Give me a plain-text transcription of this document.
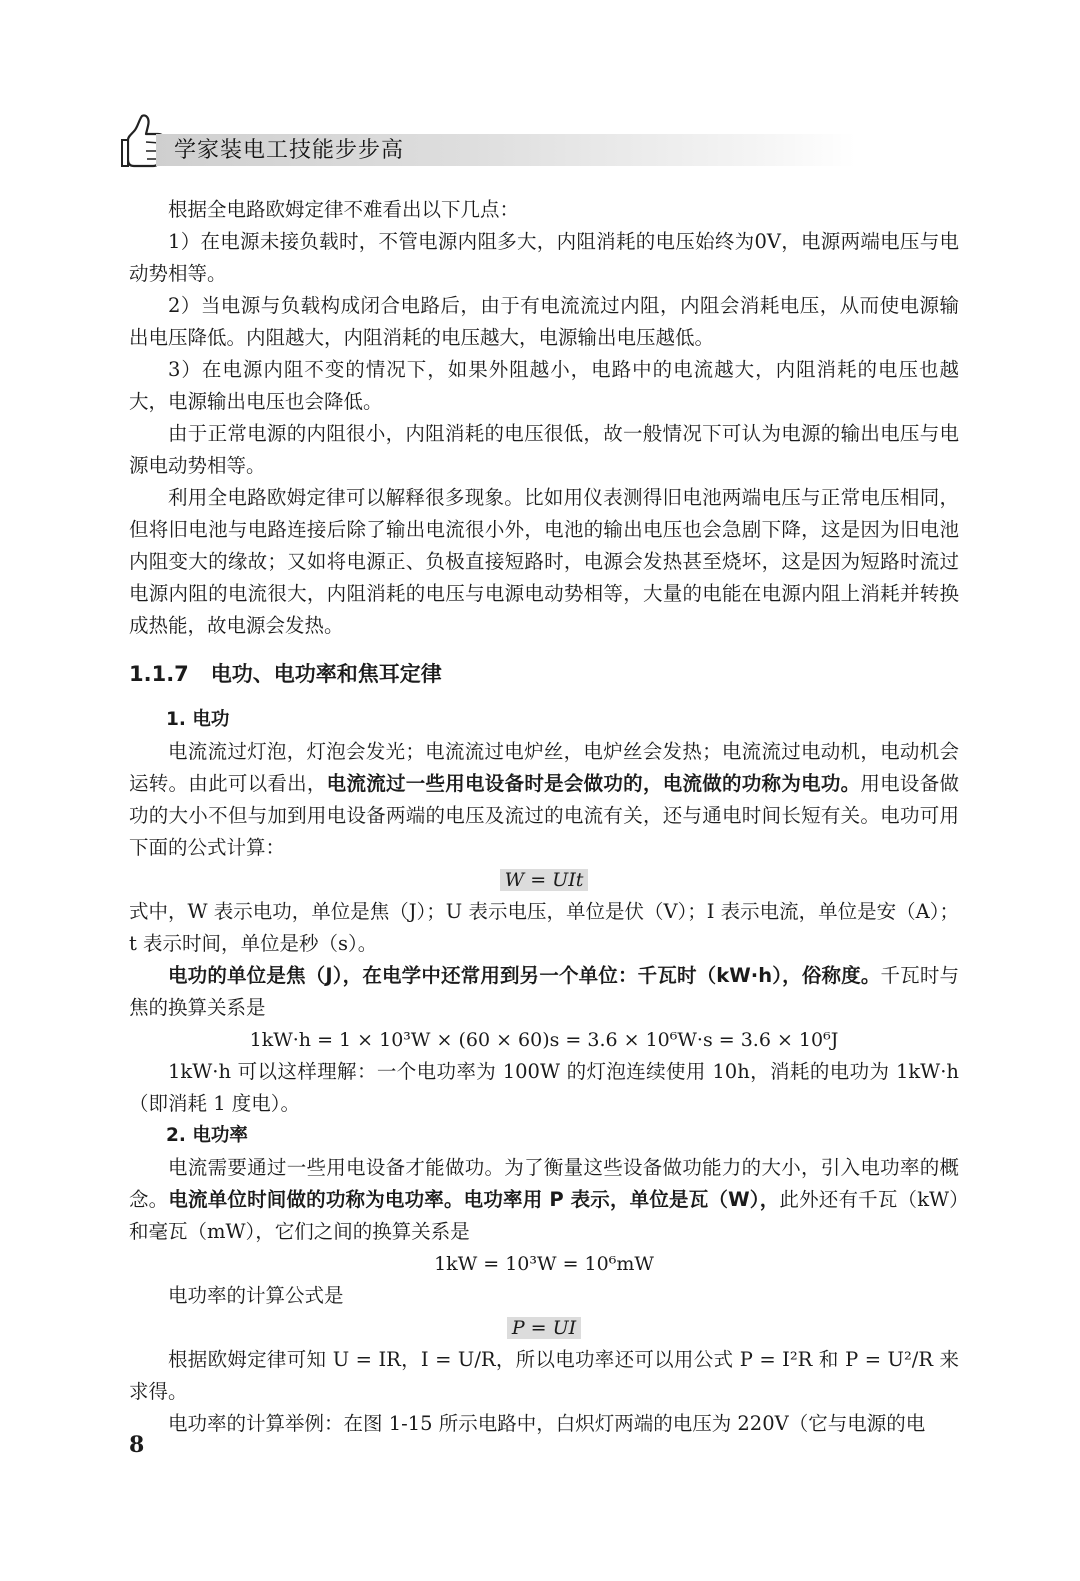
学家装电工技能步步高

根据全电路欧姆定律不难看出以下几点：

1）在电源未接负载时，不管电源内阻多大，内阻消耗的电压始终为0V，电源两端电压与电动势相等。

2）当电源与负载构成闭合电路后，由于有电流流过内阻，内阻会消耗电压，从而使电源输出电压降低。内阻越大，内阻消耗的电压越大，电源输出电压越低。

3）在电源内阻不变的情况下，如果外阻越小，电路中的电流越大，内阻消耗的电压也越大，电源输出电压也会降低。

由于正常电源的内阻很小，内阻消耗的电压很低，故一般情况下可认为电源的输出电压与电源电动势相等。

利用全电路欧姆定律可以解释很多现象。比如用仪表测得旧电池两端电压与正常电压相同，但将旧电池与电路连接后除了输出电流很小外，电池的输出电压也会急剧下降，这是因为旧电池内阻变大的缘故；又如将电源正、负极直接短路时，电源会发热甚至烧坏，这是因为短路时流过电源内阻的电流很大，内阻消耗的电压与电源电动势相等，大量的电能在电源内阻上消耗并转换成热能，故电源会发热。

1.1.7 电功、电功率和焦耳定律
1. 电功

电流流过灯泡，灯泡会发光；电流流过电炉丝，电炉丝会发热；电流流过电动机，电动机会运转。由此可以看出，电流流过一些用电设备时是会做功的，电流做的功称为电功。用电设备做功的大小不但与加到用电设备两端的电压及流过的电流有关，还与通电时间长短有关。电功可用下面的公式计算：

W = UIt

式中，W 表示电功，单位是焦（J）；U 表示电压，单位是伏（V）；I 表示电流，单位是安（A）；t 表示时间，单位是秒（s）。

电功的单位是焦（J），在电学中还常用到另一个单位：千瓦时（kW·h），俗称度。千瓦时与焦的换算关系是

1kW·h = 1 × 10³W × (60 × 60)s = 3.6 × 10⁶W·s = 3.6 × 10⁶J

1kW·h 可以这样理解：一个电功率为 100W 的灯泡连续使用 10h，消耗的电功为 1kW·h（即消耗 1 度电）。

2. 电功率

电流需要通过一些用电设备才能做功。为了衡量这些设备做功能力的大小，引入电功率的概念。电流单位时间做的功称为电功率。电功率用 P 表示，单位是瓦（W），此外还有千瓦（kW）和毫瓦（mW），它们之间的换算关系是

1kW = 10³W = 10⁶mW

电功率的计算公式是

P = UI

根据欧姆定律可知 U = IR，I = U/R，所以电功率还可以用公式 P = I²R 和 P = U²/R 来求得。

电功率的计算举例：在图 1-15 所示电路中，白炽灯两端的电压为 220V（它与电源的电

8
